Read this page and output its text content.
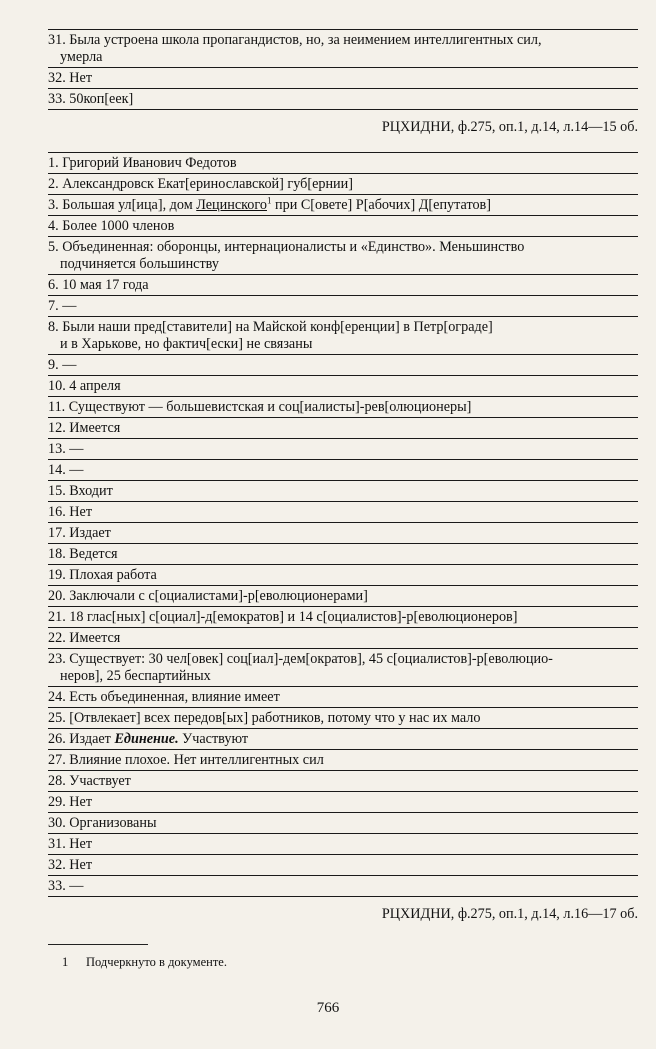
31. Была устроена школа пропагандистов, но, за неимением интеллигентных сил,
умерла
32. Нет
33. 50коп[еек]
РЦХИДНИ, ф.275, оп.1, д.14, л.14—15 об.
1. Григорий Иванович Федотов
2. Александровск Екат[еринославской] губ[ернии]
3. Большая ул[ица], дом Лецинского$^1$ при С[овете] Р[абочих] Д[епутатов]
4. Более 1000 членов
5. Объединенная: оборонцы, интернационалисты и «Единство». Меньшинство
подчиняется большинству
6. 10 мая 17 года
7. —
8. Были наши пред[ставители] на Майской конф[еренции] в Петр[ограде]
и в Харькове, но фактич[ески] не связаны
9. —
10. 4 апреля
11. Существуют — большевистская и соц[иалисты]-рев[олюционеры]
12. Имеется
13. —
14. —
15. Входит
16. Нет
17. Издает
18. Ведется
19. Плохая работа
20. Заключали с с[оциалистами]-р[еволюционерами]
21. 18 глас[ных] с[оциал]-д[емократов] и 14 с[оциалистов]-р[еволюционеров]
22. Имеется
23. Существует: 30 чел[овек] соц[иал]-дем[ократов], 45 с[оциалистов]-р[еволюцио-
неров], 25 беспартийных
24. Есть объединенная, влияние имеет
25. [Отвлекает] всех передов[ых] работников, потому что у нас их мало
26. Издает Единение. Участвуют
27. Влияние плохое. Нет интеллигентных сил
28. Участвует
29. Нет
30. Организованы
31. Нет
32. Нет
33. —
РЦХИДНИ, ф.275, оп.1, д.14, л.16—17 об.
1 Подчеркнуто в документе.
766
